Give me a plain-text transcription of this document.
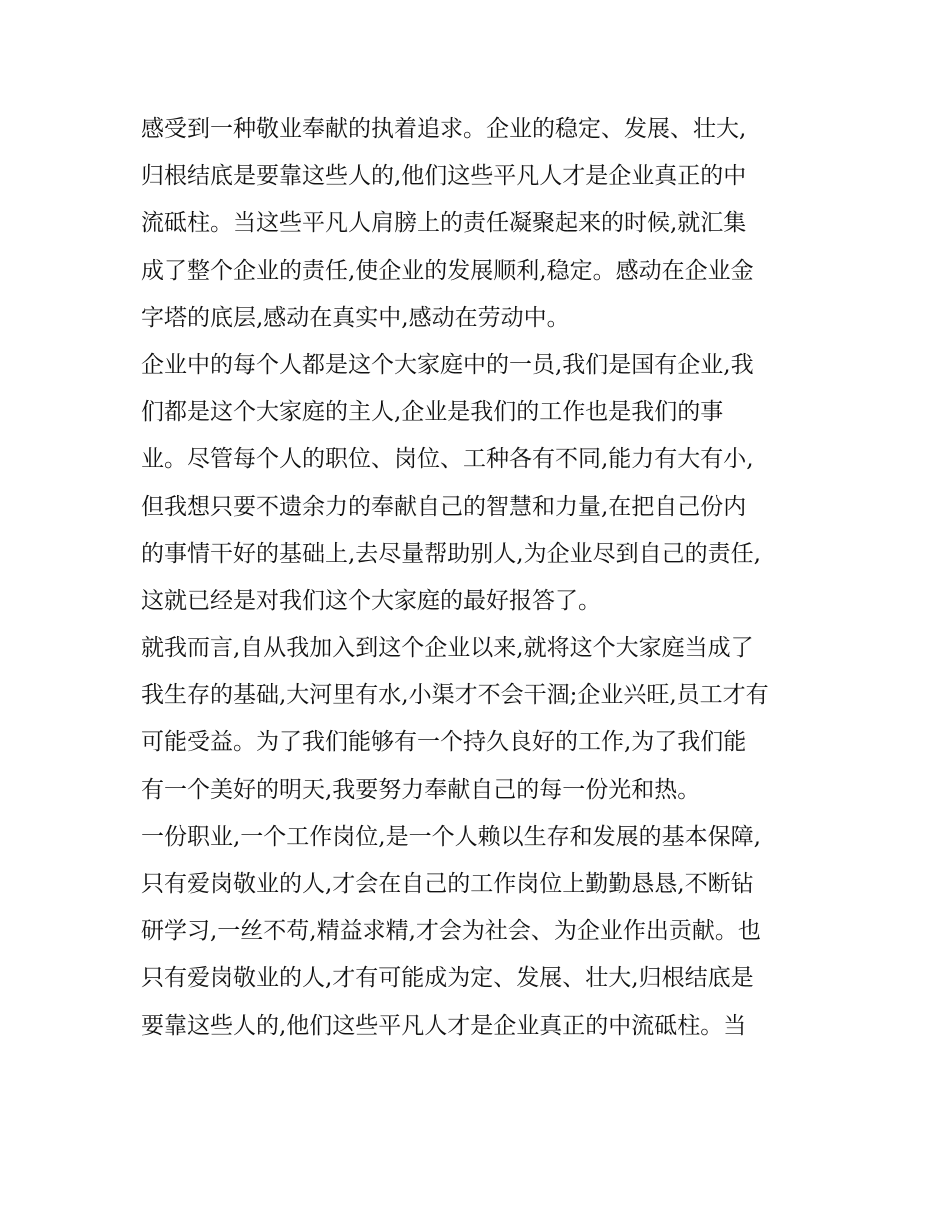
感受到一种敬业奉献的执着追求。企业的稳定、发展、壮大,
归根结底是要靠这些人的,他们这些平凡人才是企业真正的中
流砥柱。当这些平凡人肩膀上的责任凝聚起来的时候,就汇集
成了整个企业的责任,使企业的发展顺利,稳定。感动在企业金
字塔的底层,感动在真实中,感动在劳动中。
企业中的每个人都是这个大家庭中的一员,我们是国有企业,我
们都是这个大家庭的主人,企业是我们的工作也是我们的事
业。尽管每个人的职位、岗位、工种各有不同,能力有大有小,
但我想只要不遗余力的奉献自己的智慧和力量,在把自己份内
的事情干好的基础上,去尽量帮助别人,为企业尽到自己的责任,
这就已经是对我们这个大家庭的最好报答了。
就我而言,自从我加入到这个企业以来,就将这个大家庭当成了
我生存的基础,大河里有水,小渠才不会干涸;企业兴旺,员工才有
可能受益。为了我们能够有一个持久良好的工作,为了我们能
有一个美好的明天,我要努力奉献自己的每一份光和热。
一份职业,一个工作岗位,是一个人赖以生存和发展的基本保障,
只有爱岗敬业的人,才会在自己的工作岗位上勤勤恳恳,不断钻
研学习,一丝不苟,精益求精,才会为社会、为企业作出贡献。也
只有爱岗敬业的人,才有可能成为定、发展、壮大,归根结底是
要靠这些人的,他们这些平凡人才是企业真正的中流砥柱。当
